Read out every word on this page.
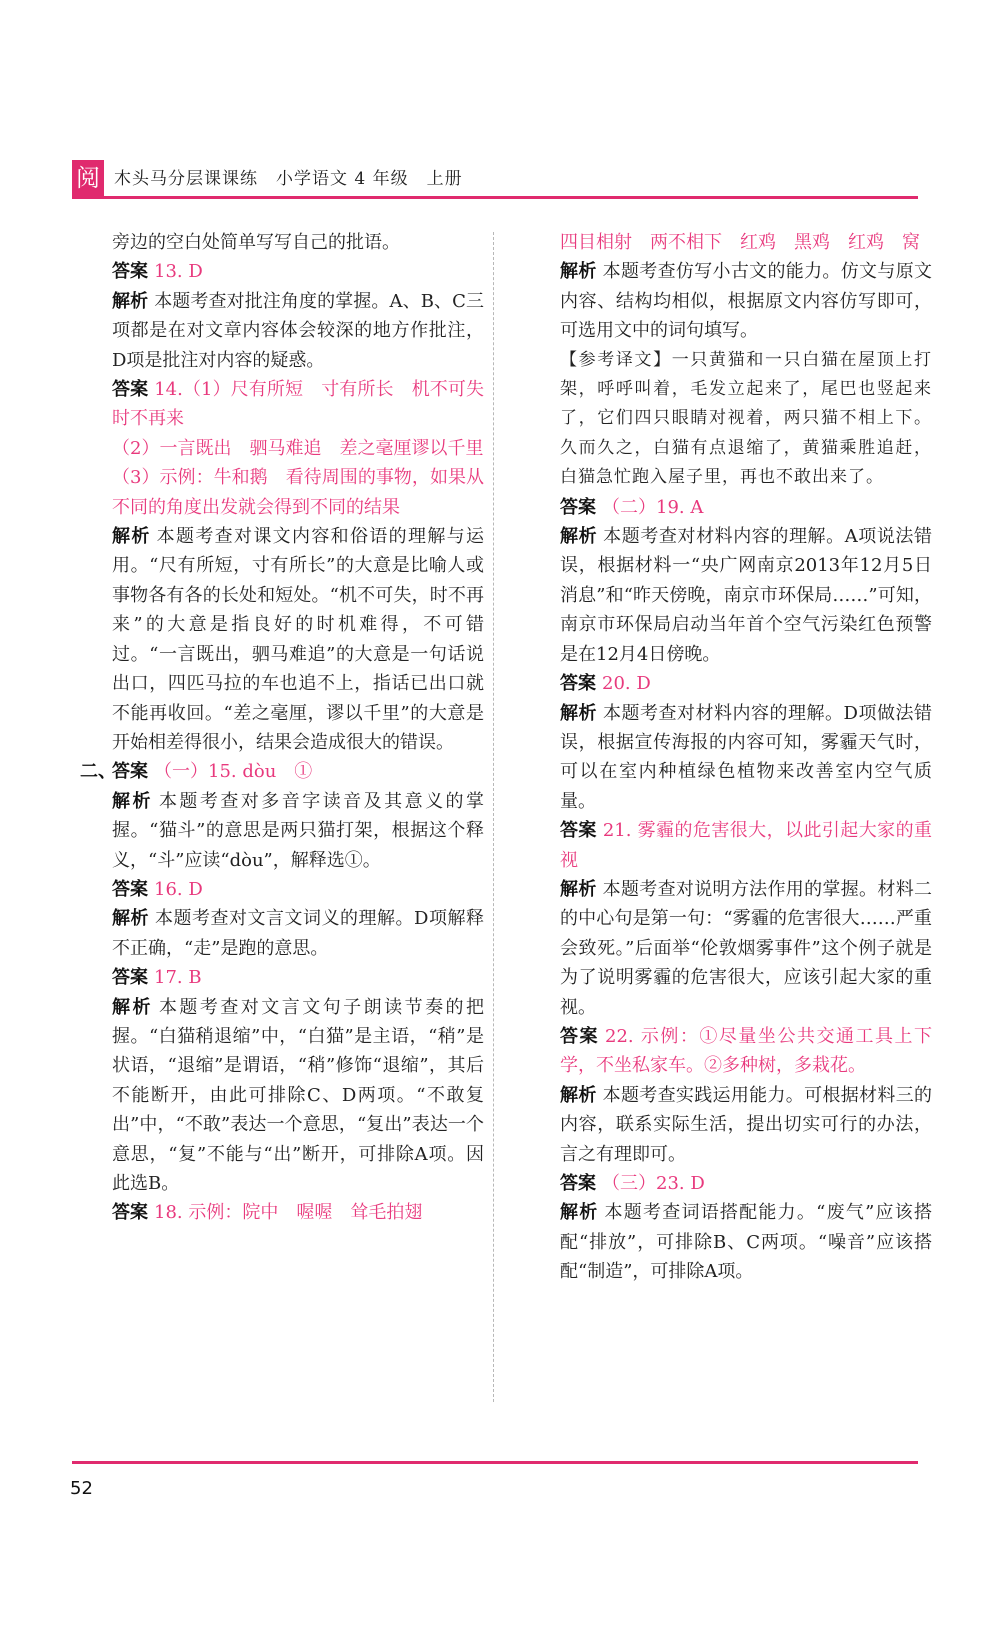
阅 木头马分层课课练　小学语文 4 年级　上册

旁边的空白处简单写写自己的批语。

答案 13. D

解析 本题考查对批注角度的掌握。A、B、C三项都是在对文章内容体会较深的地方作批注，D项是批注对内容的疑惑。

答案 14.（1）尺有所短　寸有所长　机不可失　时不再来

（2）一言既出　驷马难追　差之毫厘谬以千里

（3）示例：牛和鹅　看待周围的事物，如果从不同的角度出发就会得到不同的结果

解析 本题考查对课文内容和俗语的理解与运用。“尺有所短，寸有所长”的大意是比喻人或事物各有各的长处和短处。“机不可失，时不再来”的大意是指良好的时机难得，不可错过。“一言既出，驷马难追”的大意是一句话说出口，四匹马拉的车也追不上，指话已出口就不能再收回。“差之毫厘，谬以千里”的大意是开始相差得很小，结果会造成很大的错误。

二、
答案 （一）15. dòu　①

解析 本题考查对多音字读音及其意义的掌握。“猫斗”的意思是两只猫打架，根据这个释义，“斗”应读“dòu”，解释选①。

答案 16. D

解析 本题考查对文言文词义的理解。D项解释不正确，“走”是跑的意思。

答案 17. B

解析 本题考查对文言文句子朗读节奏的把握。“白猫稍退缩”中，“白猫”是主语，“稍”是状语，“退缩”是谓语，“稍”修饰“退缩”，其后不能断开，由此可排除C、D两项。“不敢复出”中，“不敢”表达一个意思，“复出”表达一个意思，“复”不能与“出”断开，可排除A项。因此选B。

答案 18. 示例：院中　喔喔　耸毛拍翅

四目相射　两不相下　红鸡　黑鸡　红鸡　窝

解析 本题考查仿写小古文的能力。仿文与原文内容、结构均相似，根据原文内容仿写即可，可选用文中的词句填写。

【参考译文】一只黄猫和一只白猫在屋顶上打架，呼呼叫着，毛发立起来了，尾巴也竖起来了，它们四只眼睛对视着，两只猫不相上下。久而久之，白猫有点退缩了，黄猫乘胜追赶，白猫急忙跑入屋子里，再也不敢出来了。

答案 （二）19. A

解析 本题考查对材料内容的理解。A项说法错误，根据材料一“央广网南京2013年12月5日消息”和“昨天傍晚，南京市环保局……”可知，南京市环保局启动当年首个空气污染红色预警是在12月4日傍晚。

答案 20. D

解析 本题考查对材料内容的理解。D项做法错误，根据宣传海报的内容可知，雾霾天气时，可以在室内种植绿色植物来改善室内空气质量。

答案 21. 雾霾的危害很大，以此引起大家的重视

解析 本题考查对说明方法作用的掌握。材料二的中心句是第一句：“雾霾的危害很大……严重会致死。”后面举“伦敦烟雾事件”这个例子就是为了说明雾霾的危害很大，应该引起大家的重视。

答案 22. 示例：①尽量坐公共交通工具上下学，不坐私家车。②多种树，多栽花。

解析 本题考查实践运用能力。可根据材料三的内容，联系实际生活，提出切实可行的办法，言之有理即可。

答案 （三）23. D

解析 本题考查词语搭配能力。“废气”应该搭配“排放”，可排除B、C两项。“噪音”应该搭配“制造”，可排除A项。

52
